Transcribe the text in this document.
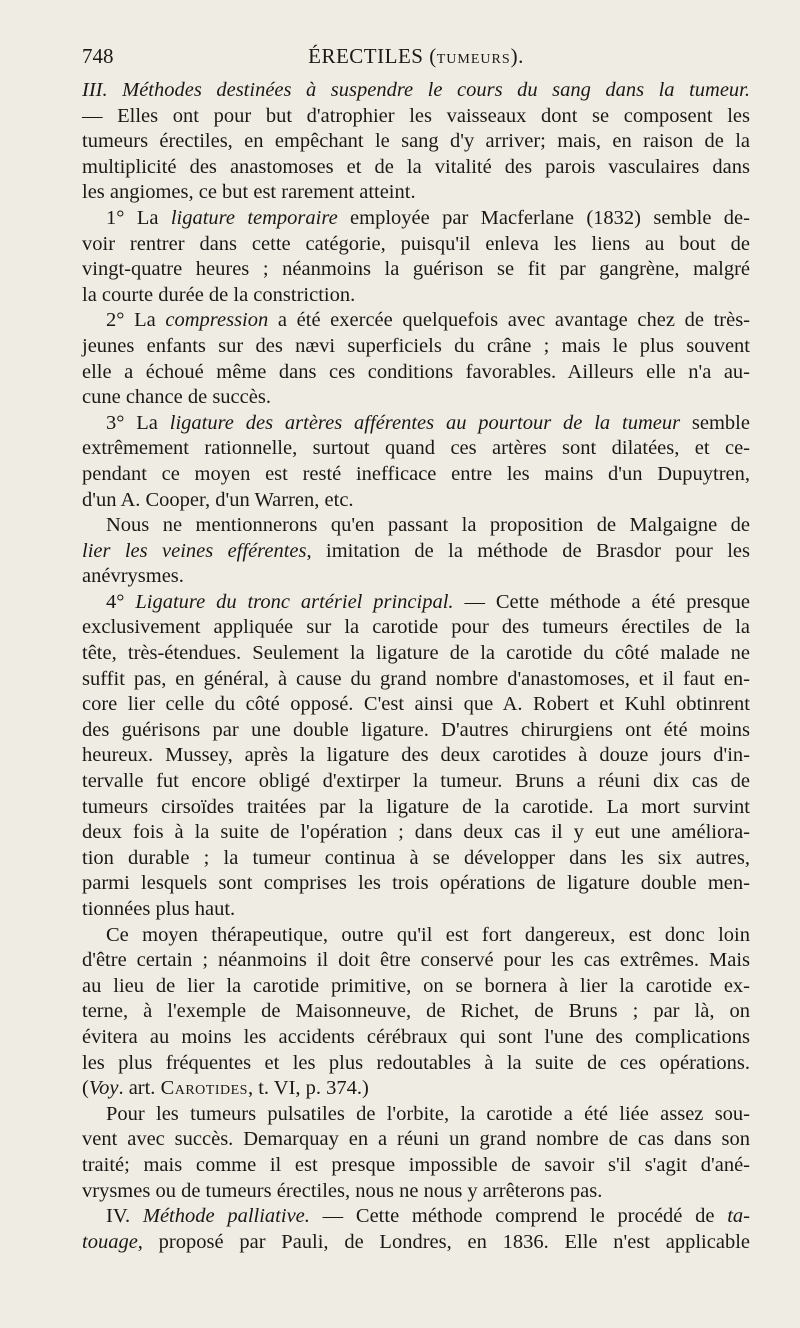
748	ÉRECTILES (TUMEURS).
III. Méthodes destinées à suspendre le cours du sang dans la tumeur.
— Elles ont pour but d'atrophier les vaisseaux dont se composent les
tumeurs érectiles, en empêchant le sang d'y arriver; mais, en raison de la
multiplicité des anastomoses et de la vitalité des parois vasculaires dans
les angiomes, ce but est rarement atteint.
1° La ligature temporaire employée par Macferlane (1832) semble de-
voir rentrer dans cette catégorie, puisqu'il enleva les liens au bout de
vingt-quatre heures ; néanmoins la guérison se fit par gangrène, malgré
la courte durée de la constriction.
2° La compression a été exercée quelquefois avec avantage chez de très-
jeunes enfants sur des nævi superficiels du crâne ; mais le plus souvent
elle a échoué même dans ces conditions favorables. Ailleurs elle n'a au-
cune chance de succès.
3° La ligature des artères afférentes au pourtour de la tumeur semble
extrêmement rationnelle, surtout quand ces artères sont dilatées, et ce-
pendant ce moyen est resté inefficace entre les mains d'un Dupuytren,
d'un A. Cooper, d'un Warren, etc.
Nous ne mentionnerons qu'en passant la proposition de Malgaigne de
lier les veines efférentes, imitation de la méthode de Brasdor pour les
anévrysmes.
4° Ligature du tronc artériel principal. — Cette méthode a été presque
exclusivement appliquée sur la carotide pour des tumeurs érectiles de la
tête, très-étendues. Seulement la ligature de la carotide du côté malade ne
suffit pas, en général, à cause du grand nombre d'anastomoses, et il faut en-
core lier celle du côté opposé. C'est ainsi que A. Robert et Kuhl obtinrent
des guérisons par une double ligature. D'autres chirurgiens ont été moins
heureux. Mussey, après la ligature des deux carotides à douze jours d'in-
tervalle fut encore obligé d'extirper la tumeur. Bruns a réuni dix cas de
tumeurs cirsoïdes traitées par la ligature de la carotide. La mort survint
deux fois à la suite de l'opération ; dans deux cas il y eut une améliora-
tion durable ; la tumeur continua à se développer dans les six autres,
parmi lesquels sont comprises les trois opérations de ligature double men-
tionnées plus haut.
Ce moyen thérapeutique, outre qu'il est fort dangereux, est donc loin
d'être certain ; néanmoins il doit être conservé pour les cas extrêmes. Mais
au lieu de lier la carotide primitive, on se bornera à lier la carotide ex-
terne, à l'exemple de Maisonneuve, de Richet, de Bruns ; par là, on
évitera au moins les accidents cérébraux qui sont l'une des complications
les plus fréquentes et les plus redoutables à la suite de ces opérations.
(Voy. art. Carotides, t. VI, p. 374.)
Pour les tumeurs pulsatiles de l'orbite, la carotide a été liée assez sou-
vent avec succès. Demarquay en a réuni un grand nombre de cas dans son
traité; mais comme il est presque impossible de savoir s'il s'agit d'ané-
vrysmes ou de tumeurs érectiles, nous ne nous y arrêterons pas.
IV. Méthode palliative. — Cette méthode comprend le procédé de ta-
touage, proposé par Pauli, de Londres, en 1836. Elle n'est applicable
